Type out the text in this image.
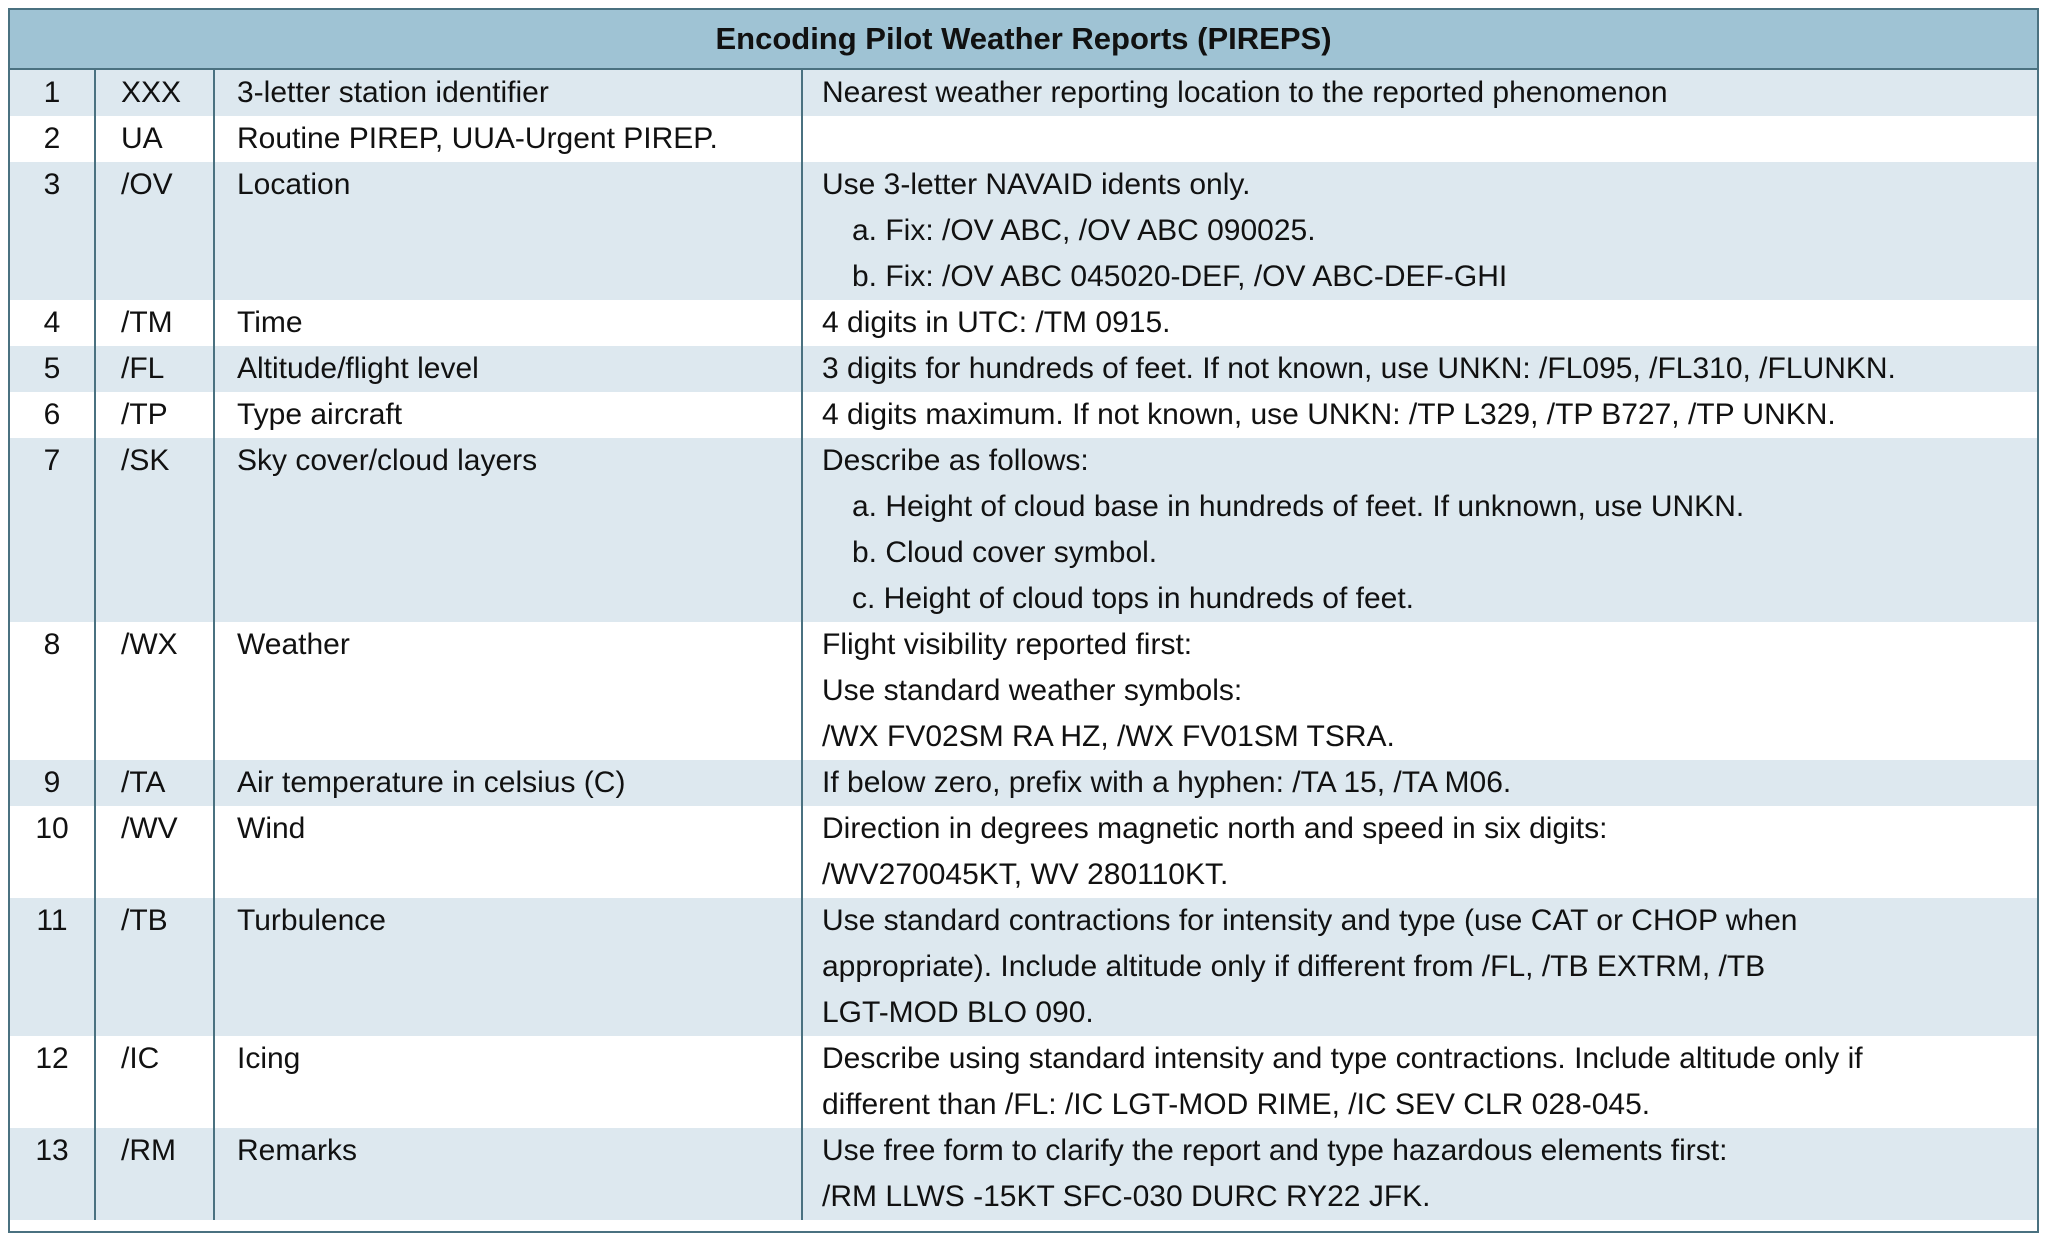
Encoding Pilot Weather Reports (PIREPS)
1	XXX	3-letter station identifier	Nearest weather reporting location to the reported phenomenon

2	UA	Routine PIREP, UUA-Urgent PIREP.	
3	/OV	Location	Use 3-letter NAVAID idents only.
a. Fix: /OV ABC, /OV ABC 090025.
b. Fix: /OV ABC 045020-DEF, /OV ABC-DEF-GHI

4	/TM	Time	4 digits in UTC: /TM 0915.

5	/FL	Altitude/flight level	3 digits for hundreds of feet. If not known, use UNKN: /FL095, /FL310, /FLUNKN.

6	/TP	Type aircraft	4 digits maximum. If not known, use UNKN: /TP L329, /TP B727, /TP UNKN.

7	/SK	Sky cover/cloud layers	Describe as follows:
a. Height of cloud base in hundreds of feet. If unknown, use UNKN.
b. Cloud cover symbol.
c. Height of cloud tops in hundreds of feet.

8	/WX	Weather	Flight visibility reported first:
Use standard weather symbols:
/WX FV02SM RA HZ, /WX FV01SM TSRA.

9	/TA	Air temperature in celsius (C)	If below zero, prefix with a hyphen: /TA 15, /TA M06.

10	/WV	Wind	Direction in degrees magnetic north and speed in six digits:
/WV270045KT, WV 280110KT.

11	/TB	Turbulence	Use standard contractions for intensity and type (use CAT or CHOP when
appropriate). Include altitude only if different from /FL, /TB EXTRM, /TB
LGT-MOD BLO 090.

12	/IC	Icing	Describe using standard intensity and type contractions. Include altitude only if
different than /FL: /IC LGT-MOD RIME, /IC SEV CLR 028-045.

13	/RM	Remarks	Use free form to clarify the report and type hazardous elements first:
/RM LLWS -15KT SFC-030 DURC RY22 JFK.
